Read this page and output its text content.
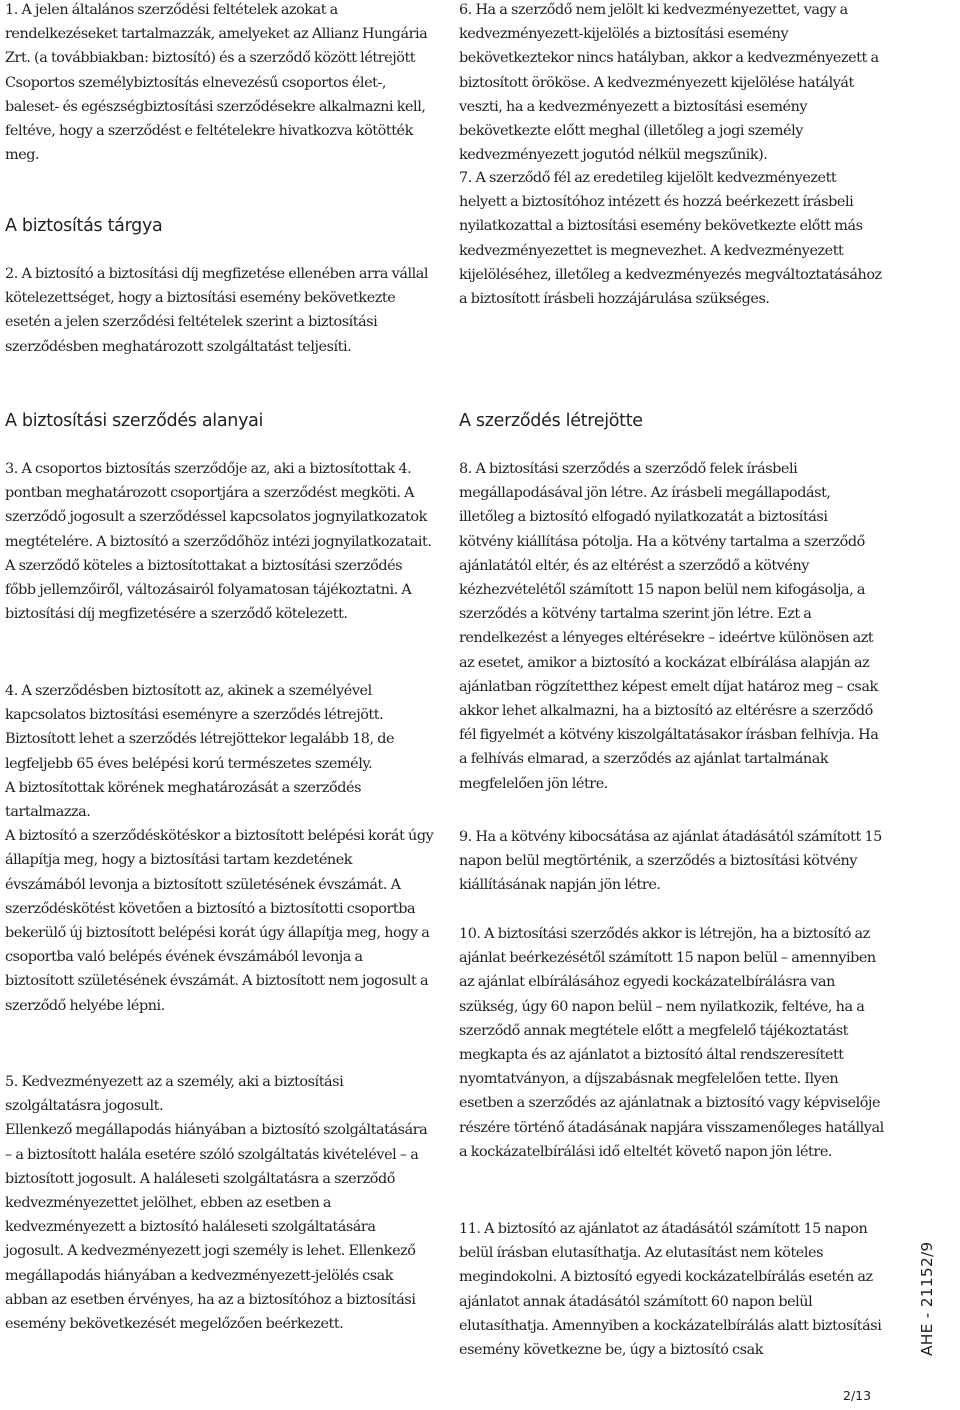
1. A jelen általános szerződési feltételek azokat a rendelkezéseket tartalmazzák, amelyeket az Allianz Hungária Zrt. (a továbbiakban: biztosító) és a szerződő között létrejött Csoportos személybiztosítás elnevezésű csoportos élet-, baleset- és egészségbiztosítási szerződésekre alkalmazni kell, feltéve, hogy a szerződést e feltételekre hivatkozva kötötték meg.
A biztosítás tárgya
2. A biztosító a biztosítási díj megfizetése ellenében arra vállal kötelezettséget, hogy a biztosítási esemény bekövetkezte esetén a jelen szerződési feltételek szerint a biztosítási szerződésben meghatározott szolgáltatást teljesíti.
A biztosítási szerződés alanyai
3. A csoportos biztosítás szerződője az, aki a biztosítottak 4. pontban meghatározott csoportjára a szerződést megköti. A szerződő jogosult a szerződéssel kapcsolatos jognyilatkozatok megtételére. A biztosító a szerződőhöz intézi jognyilatkozatait. A szerződő köteles a biztosítottakat a biztosítási szerződés főbb jellemzőiről, változásairól folyamatosan tájékoztatni. A biztosítási díj megfizetésére a szerződő kötelezett.

4. A szerződésben biztosított az, akinek a személyével kapcsolatos biztosítási eseményre a szerződés létrejött.

Biztosított lehet a szerződés létrejöttekor legalább 18, de legfeljebb 65 éves belépési korú természetes személy.

A biztosítottak körének meghatározását a szerződés tartalmazza.

A biztosító a szerződéskötéskor a biztosított belépési korát úgy állapítja meg, hogy a biztosítási tartam kezdetének évszámából levonja a biztosított születésének évszámát. A szerződéskötést követően a biztosító a biztosítotti csoportba bekerülő új biztosított belépési korát úgy állapítja meg, hogy a csoportba való belépés évének évszámából levonja a biztosított születésének évszámát. A biztosított nem jogosult a szerződő helyébe lépni.

5. Kedvezményezett az a személy, aki a biztosítási szolgáltatásra jogosult.

Ellenkező megállapodás hiányában a biztosító szolgáltatására – a biztosított halála esetére szóló szolgáltatás kivételével – a biztosított jogosult. A haláleseti szolgáltatásra a szerződő kedvezményezettet jelölhet, ebben az esetben a kedvezményezett a biztosító haláleseti szolgáltatására jogosult. A kedvezményezett jogi személy is lehet. Ellenkező megállapodás hiányában a kedvezményezett-jelölés csak abban az esetben érvényes, ha az a biztosítóhoz a biztosítási esemény bekövetkezését megelőzően beérkezett.

6. Ha a szerződő nem jelölt ki kedvezményezettet, vagy a kedvezményezett-kijelölés a biztosítási esemény bekövetkeztekor nincs hatályban, akkor a kedvezményezett a biztosított örököse. A kedvezményezett kijelölése hatályát veszti, ha a kedvezményezett a biztosítási esemény bekövetkezte előtt meghal (illetőleg a jogi személy kedvezményezett jogutód nélkül megszűnik).
7. A szerződő fél az eredetileg kijelölt kedvezményezett helyett a biztosítóhoz intézett és hozzá beérkezett írásbeli nyilatkozattal a biztosítási esemény bekövetkezte előtt más kedvezményezettet is megnevezhet. A kedvezményezett kijelöléséhez, illetőleg a kedvezményezés megváltoztatásához a biztosított írásbeli hozzájárulása szükséges.
A szerződés létrejötte
8. A biztosítási szerződés a szerződő felek írásbeli megállapodásával jön létre. Az írásbeli megállapodást, illetőleg a biztosító elfogadó nyilatkozatát a biztosítási kötvény kiállítása pótolja. Ha a kötvény tartalma a szerződő ajánlatától eltér, és az eltérést a szerződő a kötvény kézhezvételétől számított 15 napon belül nem kifogásolja, a szerződés a kötvény tartalma szerint jön létre. Ezt a rendelkezést a lényeges eltérésekre – ideértve különösen azt az esetet, amikor a biztosító a kockázat elbírálása alapján az ajánlatban rögzítetthez képest emelt díjat határoz meg – csak akkor lehet alkalmazni, ha a biztosító az eltérésre a szerződő fél figyelmét a kötvény kiszolgáltatásakor írásban felhívja. Ha a felhívás elmarad, a szerződés az ajánlat tartalmának megfelelően jön létre.
9. Ha a kötvény kibocsátása az ajánlat átadásától számított 15 napon belül megtörténik, a szerződés a biztosítási kötvény kiállításának napján jön létre.
10. A biztosítási szerződés akkor is létrejön, ha a biztosító az ajánlat beérkezésétől számított 15 napon belül – amennyiben az ajánlat elbírálásához egyedi kockázatelbírálásra van szükség, úgy 60 napon belül – nem nyilatkozik, feltéve, ha a szerződő annak megtétele előtt a megfelelő tájékoztatást megkapta és az ajánlatot a biztosító által rendszeresített nyomtatványon, a díjszabásnak megfelelően tette. Ilyen esetben a szerződés az ajánlatnak a biztosító vagy képviselője részére történő átadásának napjára visszamenőleges hatállyal a kockázatelbírálási idő elteltét követő napon jön létre.
11. A biztosító az ajánlatot az átadásától számított 15 napon belül írásban elutasíthatja. Az elutasítást nem köteles megindokolni. A biztosító egyedi kockázatelbírálás esetén az ajánlatot annak átadásától számított 60 napon belül elutasíthatja. Amennyiben a kockázatelbírálás alatt biztosítási esemény következne be, úgy a biztosító csak	AHE - 21152/9
2/13
